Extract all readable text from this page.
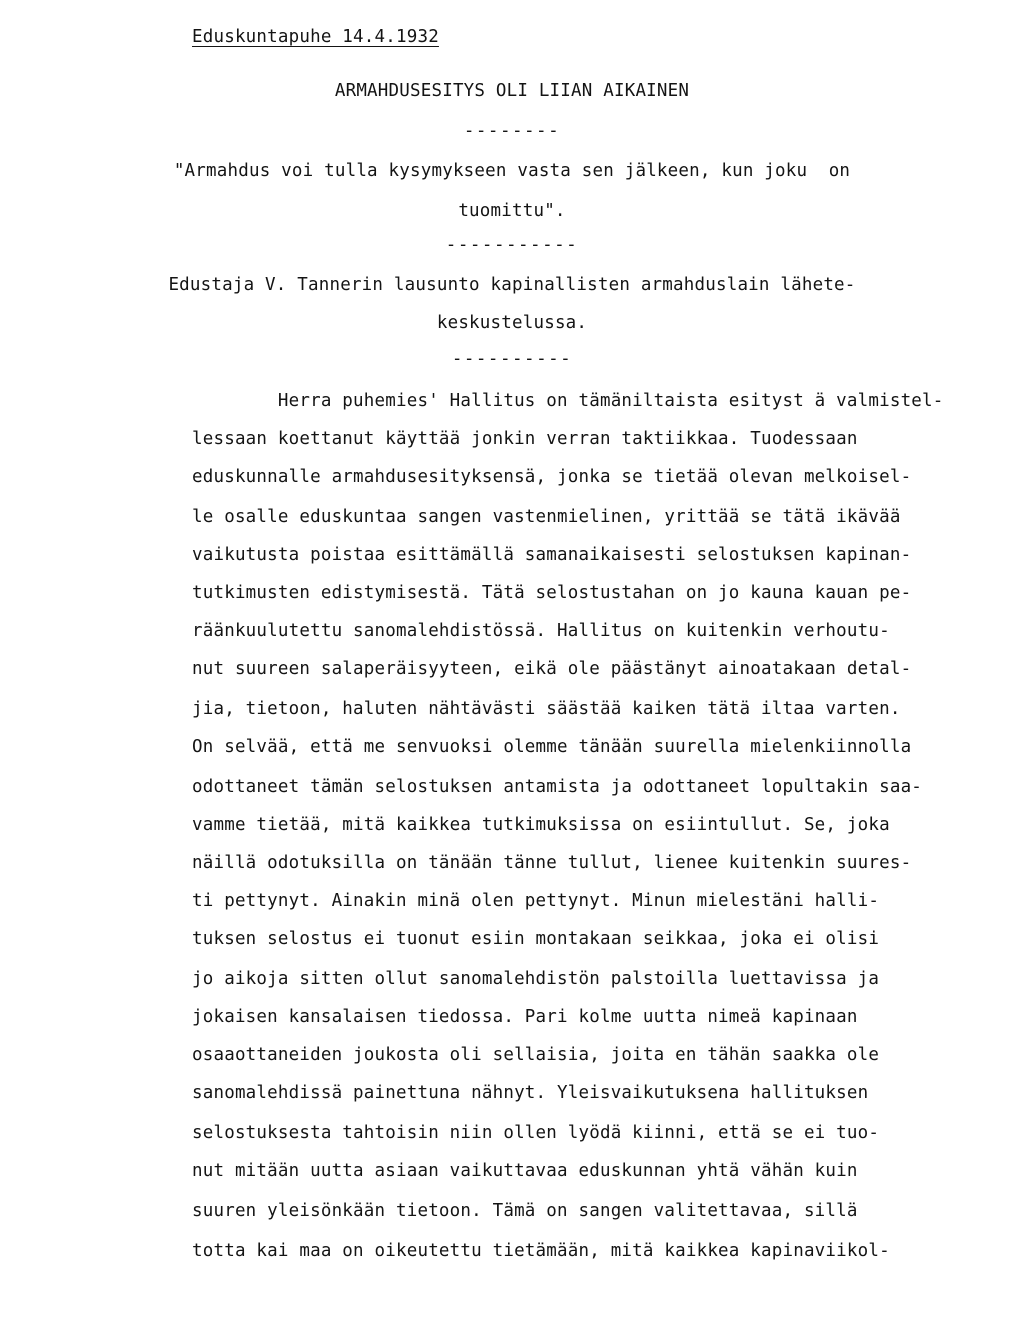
Eduskuntapuhe 14.4.1932
ARMAHDUSESITYS OLI LIIAN AIKAINEN
--------
"Armahdus voi tulla kysymykseen vasta sen jälkeen, kun joku  on
tuomittu".
-----------
Edustaja V. Tannerin lausunto kapinallisten armahduslain lähete-
keskustelussa.
----------
Herra puhemies' Hallitus on tämäniltaista esityst ä valmistel-
lessaan koettanut käyttää jonkin verran taktiikkaa. Tuodessaan
eduskunnalle armahdusesityksensä, jonka se tietää olevan melkoisel-
le osalle eduskuntaa sangen vastenmielinen, yrittää se tätä ikävää
vaikutusta poistaa esittämällä samanaikaisesti selostuksen kapinan-
tutkimusten edistymisestä. Tätä selostustahan on jo kauna kauan pe-
räänkuulutettu sanomalehdistössä. Hallitus on kuitenkin verhoutu-
nut suureen salaperäisyyteen, eikä ole päästänyt ainoatakaan detal-
jia, tietoon, haluten nähtävästi säästää kaiken tätä iltaa varten.
On selvää, että me senvuoksi olemme tänään suurella mielenkiinnolla
odottaneet tämän selostuksen antamista ja odottaneet lopultakin saa-
vamme tietää, mitä kaikkea tutkimuksissa on esiintullut. Se, joka
näillä odotuksilla on tänään tänne tullut, lienee kuitenkin suures-
ti pettynyt. Ainakin minä olen pettynyt. Minun mielestäni halli-
tuksen selostus ei tuonut esiin montakaan seikkaa, joka ei olisi
jo aikoja sitten ollut sanomalehdistön palstoilla luettavissa ja
jokaisen kansalaisen tiedossa. Pari kolme uutta nimeä kapinaan
osaaottaneiden joukosta oli sellaisia, joita en tähän saakka ole
sanomalehdissä painettuna nähnyt. Yleisvaikutuksena hallituksen
selostuksesta tahtoisin niin ollen lyödä kiinni, että se ei tuo-
nut mitään uutta asiaan vaikuttavaa eduskunnan yhtä vähän kuin
suuren yleisönkään tietoon. Tämä on sangen valitettavaa, sillä
totta kai maa on oikeutettu tietämään, mitä kaikkea kapinaviikol-
